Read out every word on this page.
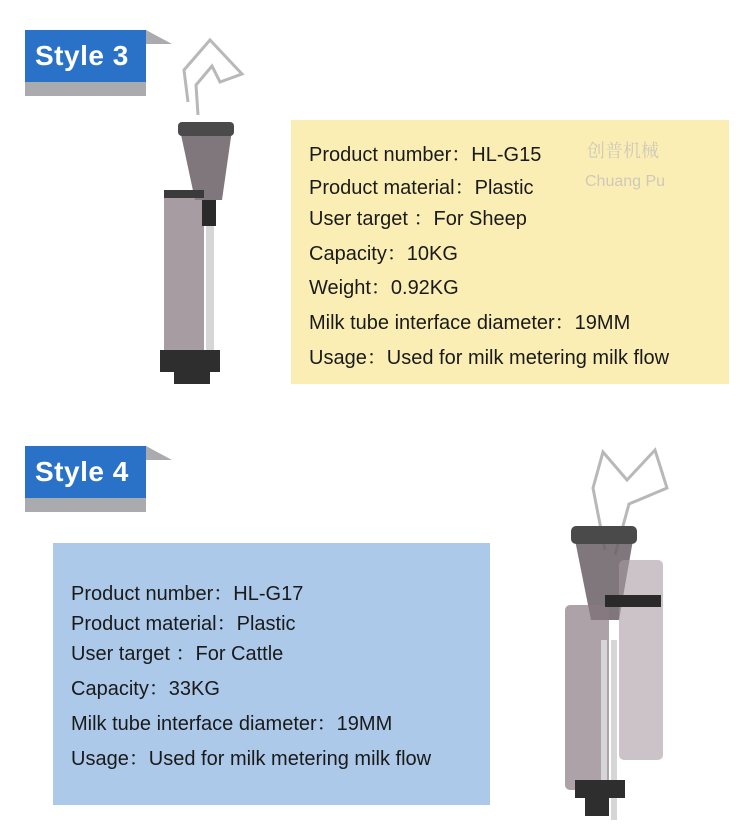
Style 3
Product number：HL-G15
Product material：Plastic
User target ：For Sheep
Capacity：10KG
Weight：0.92KG
Milk tube interface diameter：19MM
Usage：Used for milk metering milk flow
创普机械
Chuang Pu
Style 4
Product number：HL-G17
Product material：Plastic
User target ：For Cattle
Capacity：33KG
Milk tube interface diameter：19MM
Usage：Used for milk metering milk flow
